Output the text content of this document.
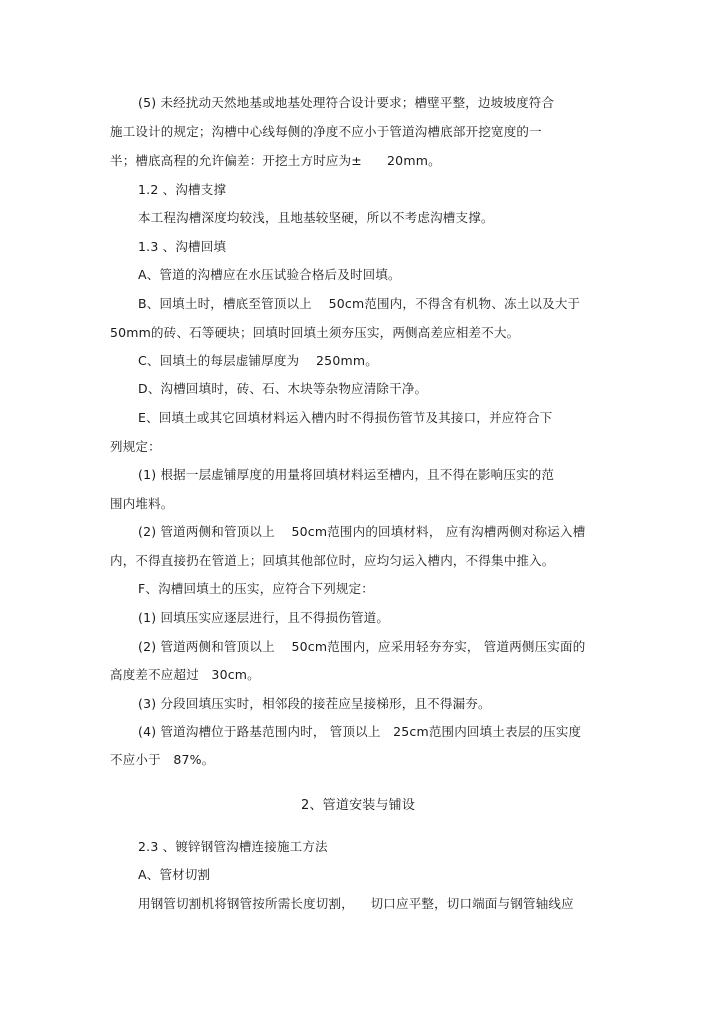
(5) 未经扰动天然地基或地基处理符合设计要求；槽壁平整，边坡坡度符合
施工设计的规定；沟槽中心线每侧的净度不应小于管道沟槽底部开挖宽度的一
半；槽底高程的允许偏差：开挖土方时应为±      20mm。
1.2 、沟槽支撑
本工程沟槽深度均较浅，且地基较坚硬，所以不考虑沟槽支撑。
1.3 、沟槽回填
A、管道的沟槽应在水压试验合格后及时回填。
B、回填土时，槽底至管顶以上    50cm范围内，不得含有机物、冻土以及大于
50mm的砖、石等硬块；回填时回填土须夯压实，两侧高差应相差不大。
C、回填土的每层虚铺厚度为    250mm。
D、沟槽回填时，砖、石、木块等杂物应清除干净。
E、回填土或其它回填材料运入槽内时不得损伤管节及其接口，并应符合下
列规定：
(1) 根据一层虚铺厚度的用量将回填材料运至槽内，且不得在影响压实的范
围内堆料。
(2) 管道两侧和管顶以上    50cm范围内的回填材料， 应有沟槽两侧对称运入槽
内，不得直接扔在管道上；回填其他部位时，应均匀运入槽内，不得集中推入。
F、沟槽回填土的压实，应符合下列规定：
(1) 回填压实应逐层进行，且不得损伤管道。
(2) 管道两侧和管顶以上    50cm范围内，应采用轻夯夯实， 管道两侧压实面的
高度差不应超过   30cm。
(3) 分段回填压实时，相邻段的接茬应呈接梯形，且不得漏夯。
(4) 管道沟槽位于路基范围内时， 管顶以上   25cm范围内回填土表层的压实度
不应小于   87%。
2、管道安装与铺设
2.3 、镀锌钢管沟槽连接施工方法
A、管材切割
用钢管切割机将钢管按所需长度切割，    切口应平整，切口端面与钢管轴线应
